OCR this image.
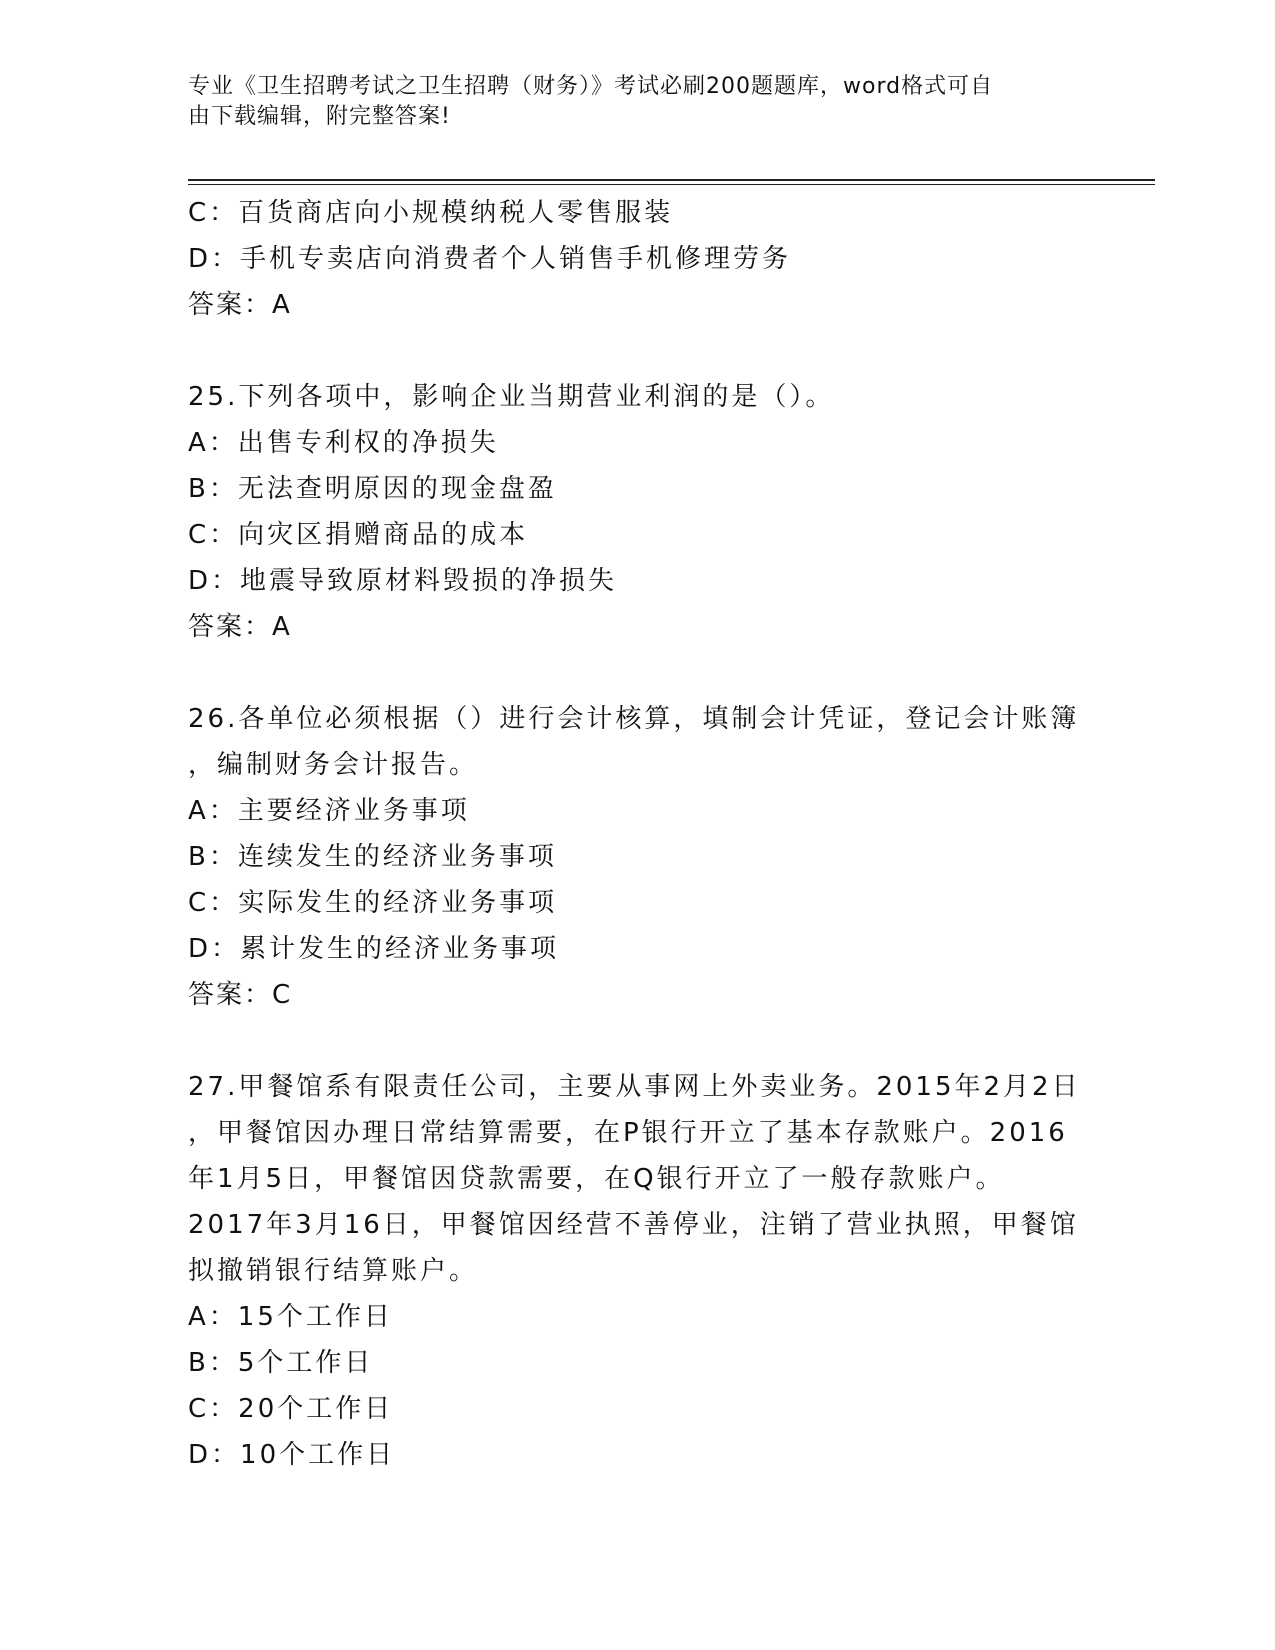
专业《卫生招聘考试之卫生招聘（财务）》考试必刷200题题库，word格式可自
由下载编辑，附完整答案!
C：百货商店向小规模纳税人零售服装
D：手机专卖店向消费者个人销售手机修理劳务
答案：A
25.下列各项中，影响企业当期营业利润的是（）。
A：出售专利权的净损失
B：无法查明原因的现金盘盈
C：向灾区捐赠商品的成本
D：地震导致原材料毁损的净损失
答案：A
26.各单位必须根据（）进行会计核算，填制会计凭证，登记会计账簿
，编制财务会计报告。
A：主要经济业务事项
B：连续发生的经济业务事项
C：实际发生的经济业务事项
D：累计发生的经济业务事项
答案：C
27.甲餐馆系有限责任公司，主要从事网上外卖业务。2015年2月2日
，甲餐馆因办理日常结算需要，在P银行开立了基本存款账户。2016
年1月5日，甲餐馆因贷款需要，在Q银行开立了一般存款账户。
2017年3月16日，甲餐馆因经营不善停业，注销了营业执照，甲餐馆
拟撤销银行结算账户。
A：15个工作日
B：5个工作日
C：20个工作日
D：10个工作日
